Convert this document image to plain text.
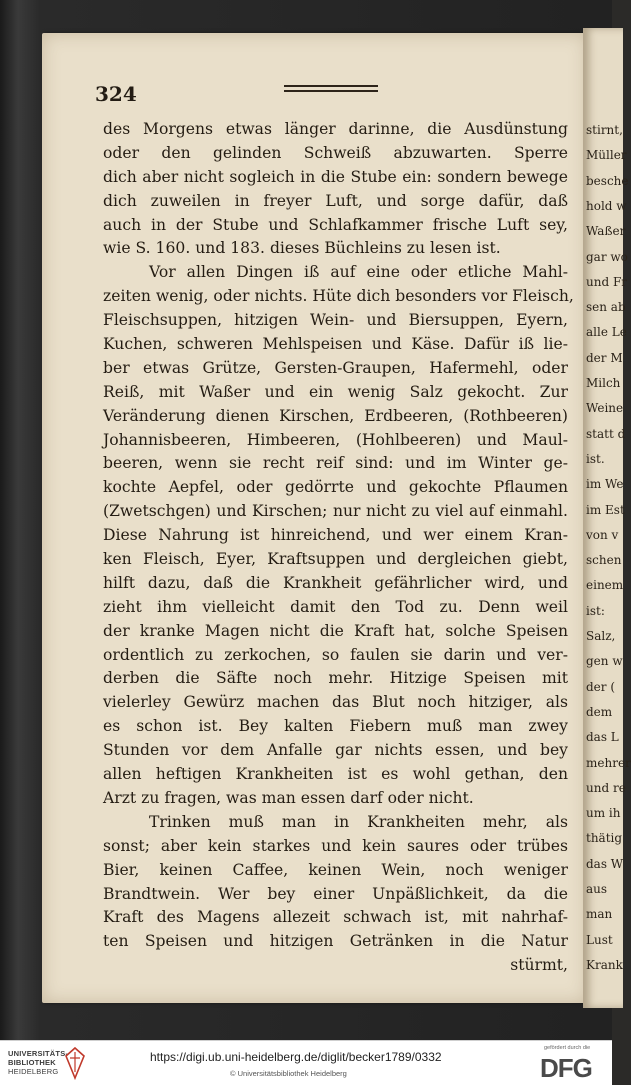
stirnt,
Müller
besche
hold w
Waßer
gar wo
und Fr
sen ab
alle Le
der M
Milch
Weine
statt d
ist.
im We
im Est
von v
schen
einem
ist:
Salz,
gen w
der (
dem
das L
mehrer
und re
um ih
thätig
das W
aus
man
Lust
Krank
324
des Morgens etwas länger darinne, die Ausdünstung
oder den gelinden Schweiß abzuwarten. Sperre
dich aber nicht sogleich in die Stube ein: sondern bewege
dich zuweilen in freyer Luft, und sorge dafür, daß
auch in der Stube und Schlafkammer frische Luft sey,
wie S. 160. und 183. dieses Büchleins zu lesen ist.
Vor allen Dingen iß auf eine oder etliche Mahl-
zeiten wenig, oder nichts. Hüte dich besonders vor Fleisch,
Fleischsuppen, hitzigen Wein- und Biersuppen, Eyern,
Kuchen, schweren Mehlspeisen und Käse. Dafür iß lie-
ber etwas Grütze, Gersten-Graupen, Hafermehl, oder
Reiß, mit Waßer und ein wenig Salz gekocht. Zur
Veränderung dienen Kirschen, Erdbeeren, (Rothbeeren)
Johannisbeeren, Himbeeren, (Hohlbeeren) und Maul-
beeren, wenn sie recht reif sind: und im Winter ge-
kochte Aepfel, oder gedörrte und gekochte Pflaumen
(Zwetschgen) und Kirschen; nur nicht zu viel auf einmahl.
Diese Nahrung ist hinreichend, und wer einem Kran-
ken Fleisch, Eyer, Kraftsuppen und dergleichen giebt,
hilft dazu, daß die Krankheit gefährlicher wird, und
zieht ihm vielleicht damit den Tod zu. Denn weil
der kranke Magen nicht die Kraft hat, solche Speisen
ordentlich zu zerkochen, so faulen sie darin und ver-
derben die Säfte noch mehr. Hitzige Speisen mit
vielerley Gewürz machen das Blut noch hitziger, als
es schon ist. Bey kalten Fiebern muß man zwey
Stunden vor dem Anfalle gar nichts essen, und bey
allen heftigen Krankheiten ist es wohl gethan, den
Arzt zu fragen, was man essen darf oder nicht.
Trinken muß man in Krankheiten mehr, als
sonst; aber kein starkes und kein saures oder trübes
Bier, keinen Caffee, keinen Wein, noch weniger
Brandtwein. Wer bey einer Unpäßlichkeit, da die
Kraft des Magens allezeit schwach ist, mit nahrhaf-
ten Speisen und hitzigen Getränken in die Natur
stürmt,
UNIVERSITÄTS-
BIBLIOTHEK
HEIDELBERG
https://digi.ub.uni-heidelberg.de/diglit/becker1789/0332
© Universitätsbibliothek Heidelberg
gefördert durch die
DFG
